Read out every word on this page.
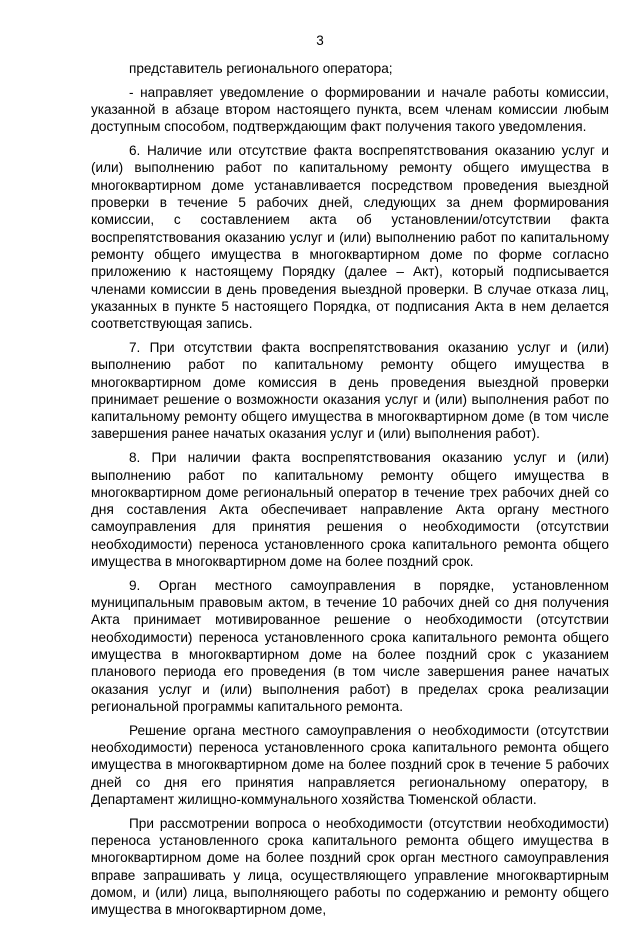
3

представитель регионального оператора;

- направляет уведомление о формировании и начале работы комиссии, указанной в абзаце втором настоящего пункта, всем членам комиссии любым доступным способом, подтверждающим факт получения такого уведомления.

6. Наличие или отсутствие факта воспрепятствования оказанию услуг и (или) выполнению работ по капитальному ремонту общего имущества в многоквартирном доме устанавливается посредством проведения выездной проверки в течение 5 рабочих дней, следующих за днем формирования комиссии, с составлением акта об установлении/отсутствии факта воспрепятствования оказанию услуг и (или) выполнению работ по капитальному ремонту общего имущества в многоквартирном доме по форме согласно приложению к настоящему Порядку (далее – Акт), который подписывается членами комиссии в день проведения выездной проверки. В случае отказа лиц, указанных в пункте 5 настоящего Порядка, от подписания Акта в нем делается соответствующая запись.

7. При отсутствии факта воспрепятствования оказанию услуг и (или) выполнению работ по капитальному ремонту общего имущества в многоквартирном доме комиссия в день проведения выездной проверки принимает решение о возможности оказания услуг и (или) выполнения работ по капитальному ремонту общего имущества в многоквартирном доме (в том числе завершения ранее начатых оказания услуг и (или) выполнения работ).

8. При наличии факта воспрепятствования оказанию услуг и (или) выполнению работ по капитальному ремонту общего имущества в многоквартирном доме региональный оператор в течение трех рабочих дней со дня составления Акта обеспечивает направление Акта органу местного самоуправления для принятия решения о необходимости (отсутствии необходимости) переноса установленного срока капитального ремонта общего имущества в многоквартирном доме на более поздний срок.

9. Орган местного самоуправления в порядке, установленном муниципальным правовым актом, в течение 10 рабочих дней со дня получения Акта принимает мотивированное решение о необходимости (отсутствии необходимости) переноса установленного срока капитального ремонта общего имущества в многоквартирном доме на более поздний срок с указанием планового периода его проведения (в том числе завершения ранее начатых оказания услуг и (или) выполнения работ) в пределах срока реализации региональной программы капитального ремонта.

Решение органа местного самоуправления о необходимости (отсутствии необходимости) переноса установленного срока капитального ремонта общего имущества в многоквартирном доме на более поздний срок в течение 5 рабочих дней со дня его принятия направляется региональному оператору, в Департамент жилищно-коммунального хозяйства Тюменской области.

При рассмотрении вопроса о необходимости (отсутствии необходимости) переноса установленного срока капитального ремонта общего имущества в многоквартирном доме на более поздний срок орган местного самоуправления вправе запрашивать у лица, осуществляющего управление многоквартирным домом, и (или) лица, выполняющего работы по содержанию и ремонту общего имущества в многоквартирном доме,
